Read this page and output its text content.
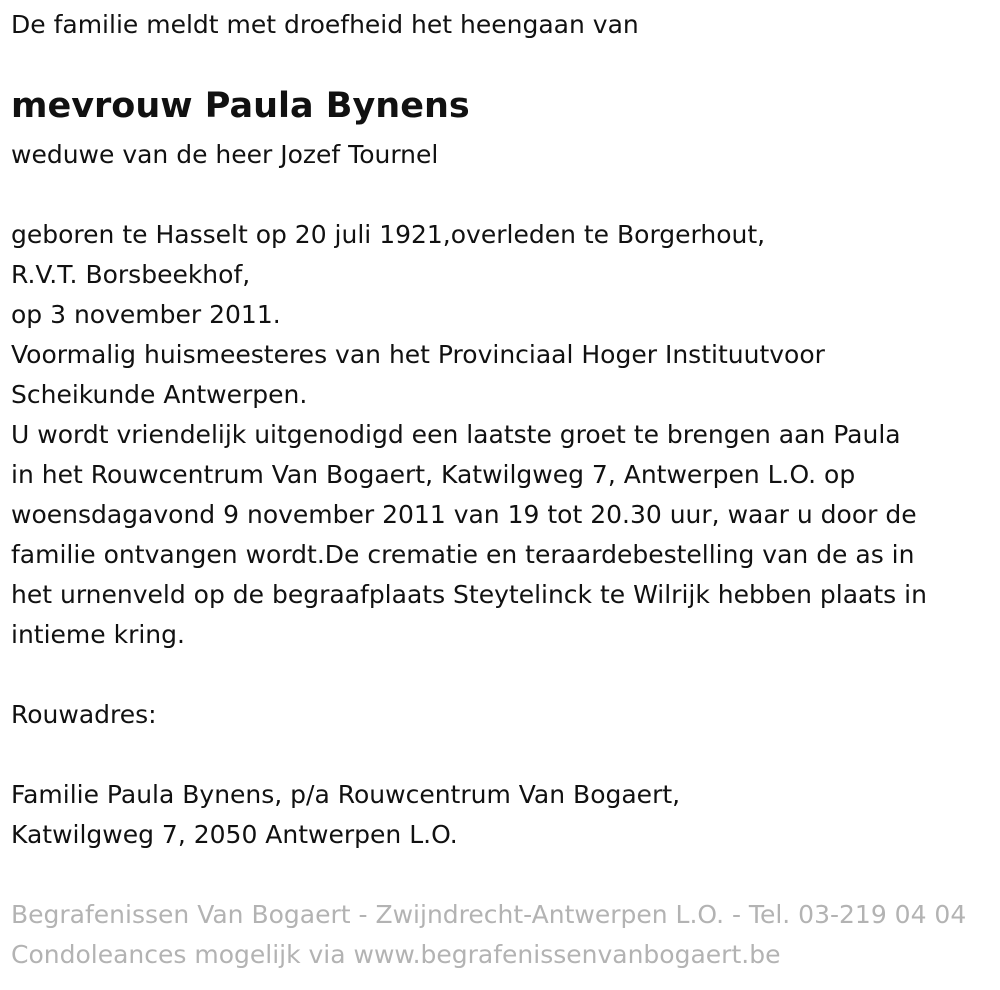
De familie meldt met droefheid het heengaan van
mevrouw Paula Bynens
weduwe van de heer Jozef Tournel
geboren te Hasselt op 20 juli 1921,overleden te Borgerhout,
R.V.T. Borsbeekhof,
op 3 november 2011.
Voormalig huismeesteres van het Provinciaal Hoger Instituutvoor
Scheikunde Antwerpen.
U wordt vriendelijk uitgenodigd een laatste groet te brengen aan Paula
in het Rouwcentrum Van Bogaert, Katwilgweg 7, Antwerpen L.O. op
woensdagavond 9 november 2011 van 19 tot 20.30 uur, waar u door de
familie ontvangen wordt.De crematie en teraardebestelling van de as in
het urnenveld op de begraafplaats Steytelinck te Wilrijk hebben plaats in
intieme kring.
Rouwadres:
Familie Paula Bynens, p/a Rouwcentrum Van Bogaert,
Katwilgweg 7, 2050 Antwerpen L.O.
Begrafenissen Van Bogaert - Zwijndrecht-Antwerpen L.O. - Tel. 03-219 04 04 Condoleances mogelijk via www.begrafenissenvanbogaert.be
